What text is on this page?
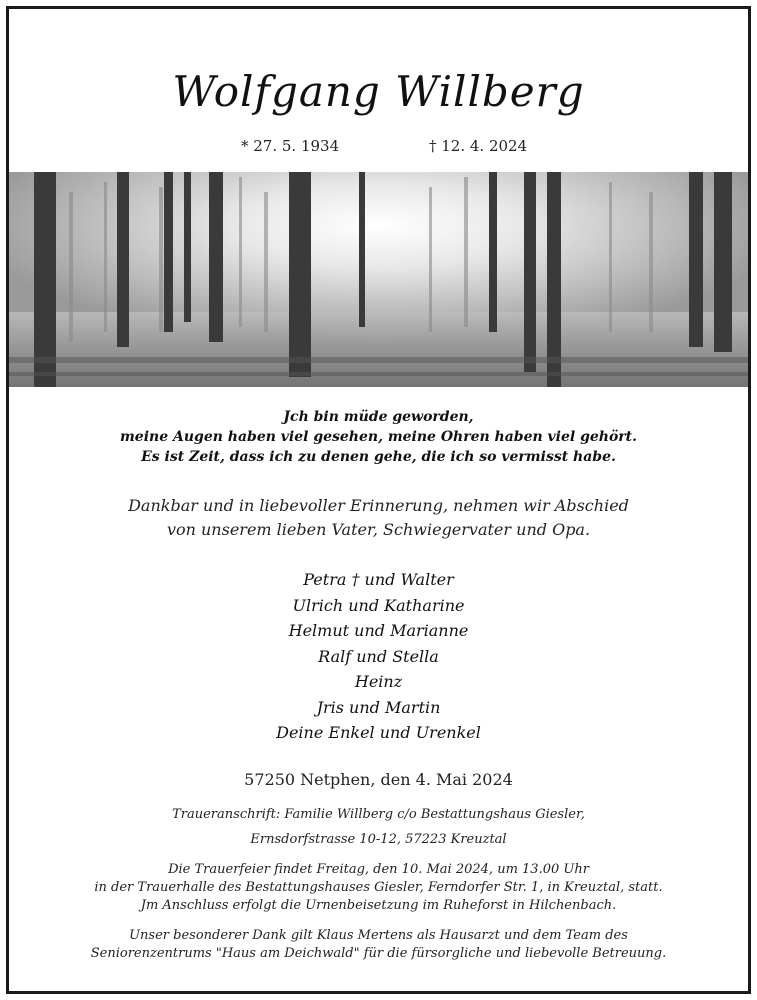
Wolfgang Willberg
* 27. 5. 1934	† 12. 4. 2024
Jch bin müde geworden,
meine Augen haben viel gesehen, meine Ohren haben viel gehört.
Es ist Zeit, dass ich zu denen gehe, die ich so vermisst habe.
Dankbar und in liebevoller Erinnerung, nehmen wir Abschied
von unserem lieben Vater, Schwiegervater und Opa.
Petra † und Walter
Ulrich und Katharine
Helmut und Marianne
Ralf und Stella
Heinz
Jris und Martin
Deine Enkel und Urenkel
57250 Netphen, den 4. Mai 2024
Traueranschrift: Familie Willberg c/o Bestattungshaus Giesler,
Ernsdorfstrasse 10-12, 57223 Kreuztal
Die Trauerfeier findet Freitag, den 10. Mai 2024, um 13.00 Uhr
in der Trauerhalle des Bestattungshauses Giesler, Ferndorfer Str. 1, in Kreuztal, statt.
Jm Anschluss erfolgt die Urnenbeisetzung im Ruheforst in Hilchenbach.
Unser besonderer Dank gilt Klaus Mertens als Hausarzt und dem Team des
Seniorenzentrums "Haus am Deichwald" für die fürsorgliche und liebevolle Betreuung.
